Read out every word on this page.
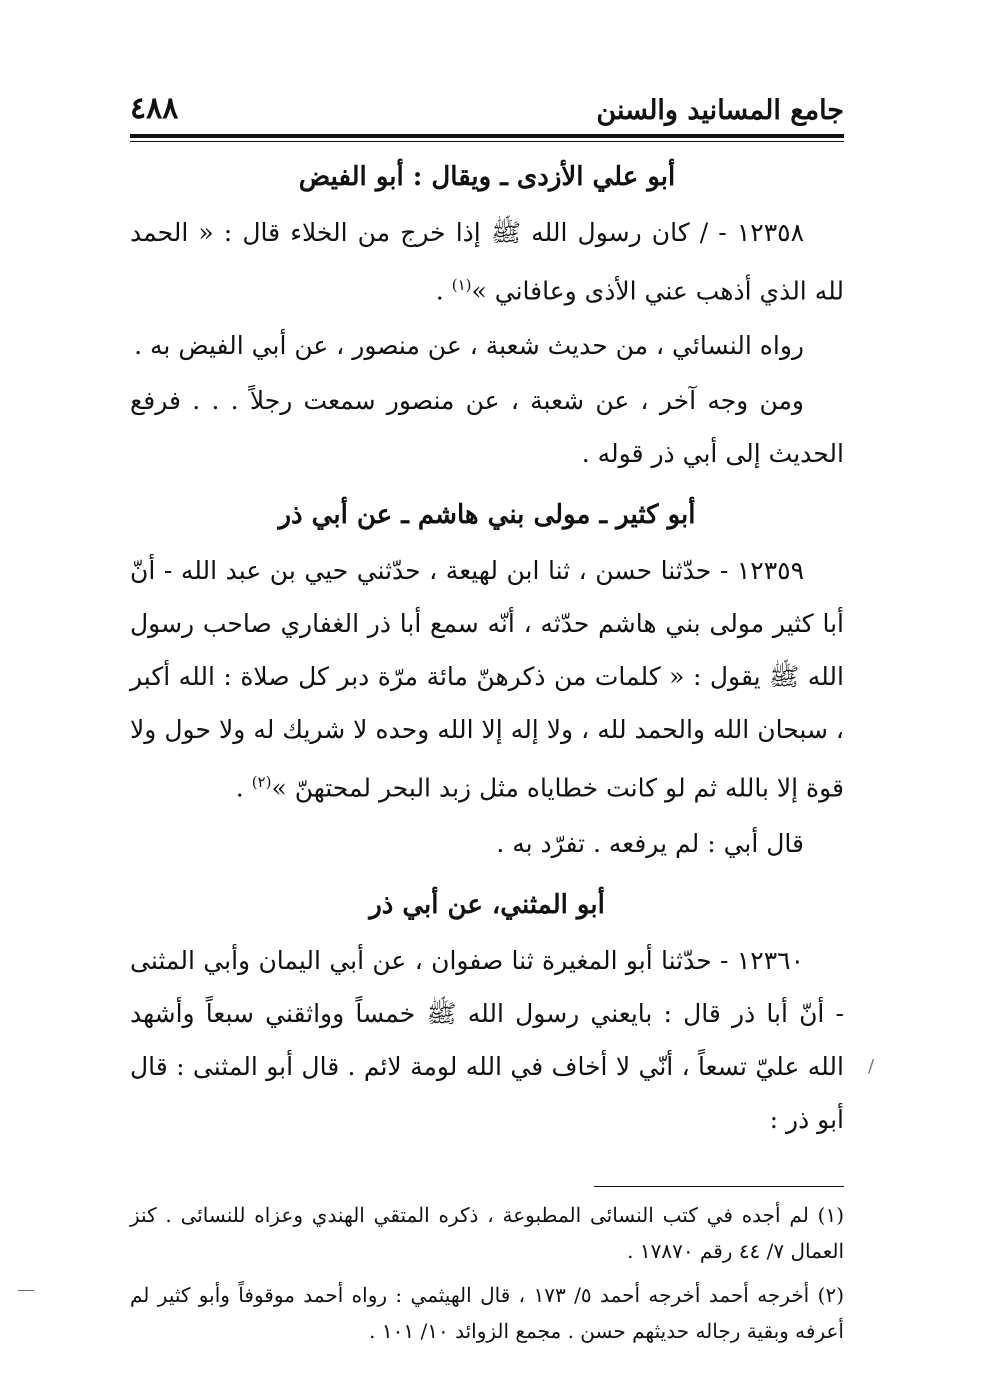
جامع المسانيد والسنن
٤٨٨
أبو علي الأزدى ـ ويقال : أبو الفيض

١٢٣٥٨ - / كان رسول الله ﷺ إذا خرج من الخلاء قال : « الحمد لله الذي أذهب عني الأذى وعافاني »$^{(١)}$ .

رواه النسائي ، من حديث شعبة ، عن منصور ، عن أبي الفيض به .

ومن وجه آخر ، عن شعبة ، عن منصور سمعت رجلاً . . . فرفع الحديث إلى أبي ذر قوله .

أبو كثير ـ مولى بني هاشم ـ عن أبي ذر

١٢٣٥٩ - حدّثنا حسن ، ثنا ابن لهيعة ، حدّثني حيي بن عبد الله - أنّ أبا كثير مولى بني هاشم حدّثه ، أنّه سمع أبا ذر الغفاري صاحب رسول الله ﷺ يقول : « كلمات من ذكرهنّ مائة مرّة دبر كل صلاة : الله أكبر ، سبحان الله والحمد لله ، ولا إله إلا الله وحده لا شريك له ولا حول ولا قوة إلا بالله ثم لو كانت خطاياه مثل زبد البحر لمحتهنّ »$^{(٢)}$ .

قال أبي : لم يرفعه . تفرّد به .

أبو المثني، عن أبي ذر

١٢٣٦٠ - حدّثنا أبو المغيرة ثنا صفوان ، عن أبي اليمان وأبي المثنى - أنّ أبا ذر قال : بايعني رسول الله ﷺ خمساً وواثقني سبعاً وأشهد الله عليّ تسعاً ، أنّي لا أخاف في الله لومة لائم . قال أبو المثنى : قال أبو ذر :

(١) لم أجده في كتب النسائى المطبوعة ، ذكره المتقي الهندي وعزاه للنسائى . كنز العمال ٧/ ٤٤ رقم ١٧٨٧٠ .

(٢) أخرجه أحمد أخرجه أحمد ٥/ ١٧٣ ، قال الهيثمي : رواه أحمد موقوفاً وأبو كثير لم أعرفه وبقية رجاله حديثهم حسن . مجمع الزوائد ١٠/ ١٠١ .

/
